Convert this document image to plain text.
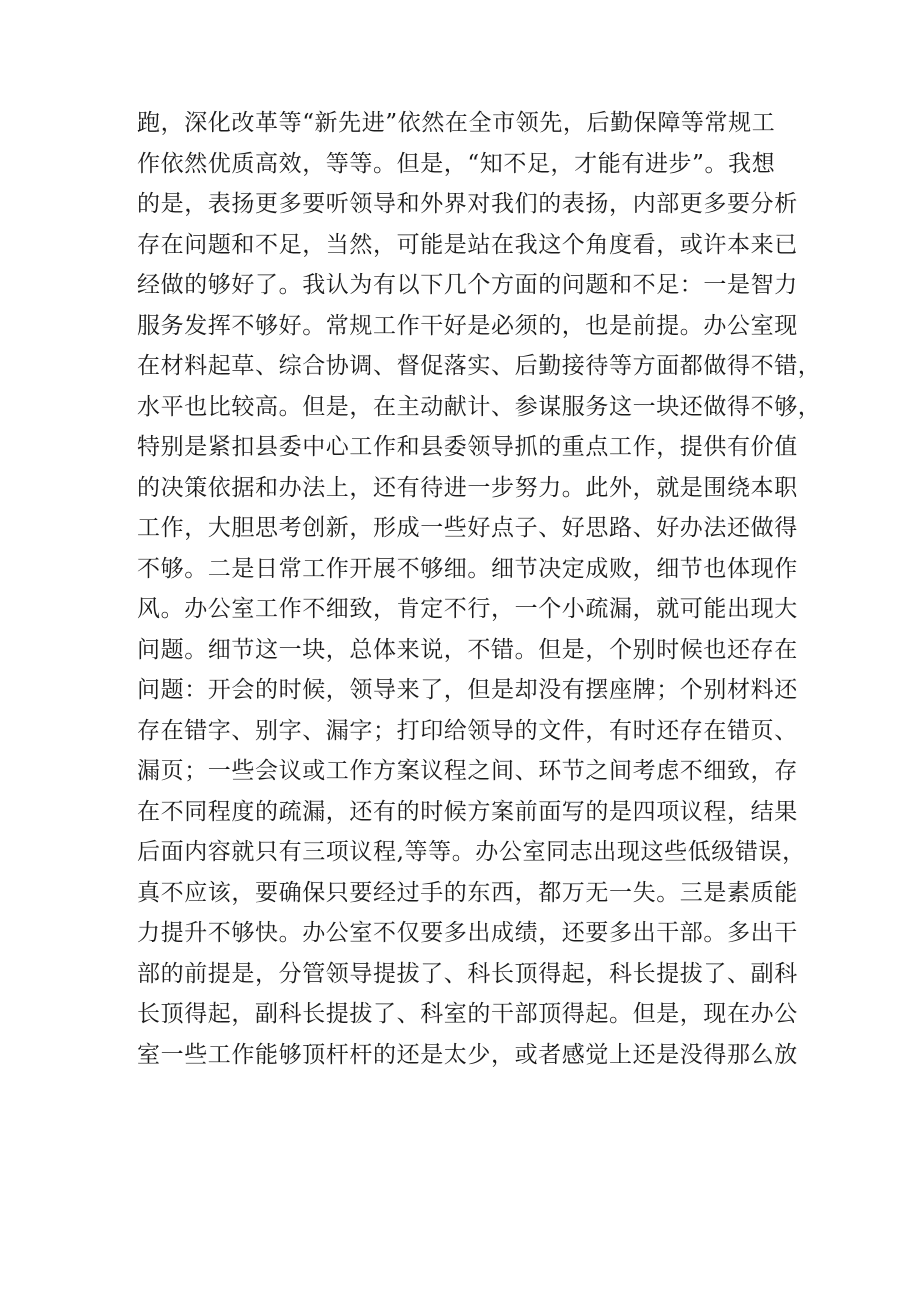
跑，深化改革等“新先进”依然在全市领先，后勤保障等常规工
作依然优质高效，等等。但是，“知不足，才能有进步”。我想
的是，表扬更多要听领导和外界对我们的表扬，内部更多要分析
存在问题和不足，当然，可能是站在我这个角度看，或许本来已
经做的够好了。我认为有以下几个方面的问题和不足：一是智力
服务发挥不够好。常规工作干好是必须的，也是前提。办公室现
在材料起草、综合协调、督促落实、后勤接待等方面都做得不错，
水平也比较高。但是，在主动献计、参谋服务这一块还做得不够，
特别是紧扣县委中心工作和县委领导抓的重点工作，提供有价值
的决策依据和办法上，还有待进一步努力。此外，就是围绕本职
工作，大胆思考创新，形成一些好点子、好思路、好办法还做得
不够。二是日常工作开展不够细。细节决定成败，细节也体现作
风。办公室工作不细致，肯定不行，一个小疏漏，就可能出现大
问题。细节这一块，总体来说，不错。但是，个别时候也还存在
问题：开会的时候，领导来了，但是却没有摆座牌；个别材料还
存在错字、别字、漏字；打印给领导的文件，有时还存在错页、
漏页；一些会议或工作方案议程之间、环节之间考虑不细致，存
在不同程度的疏漏，还有的时候方案前面写的是四项议程，结果
后面内容就只有三项议程,等等。办公室同志出现这些低级错误，
真不应该，要确保只要经过手的东西，都万无一失。三是素质能
力提升不够快。办公室不仅要多出成绩，还要多出干部。多出干
部的前提是，分管领导提拔了、科长顶得起，科长提拔了、副科
长顶得起，副科长提拔了、科室的干部顶得起。但是，现在办公
室一些工作能够顶杆杆的还是太少，或者感觉上还是没得那么放
